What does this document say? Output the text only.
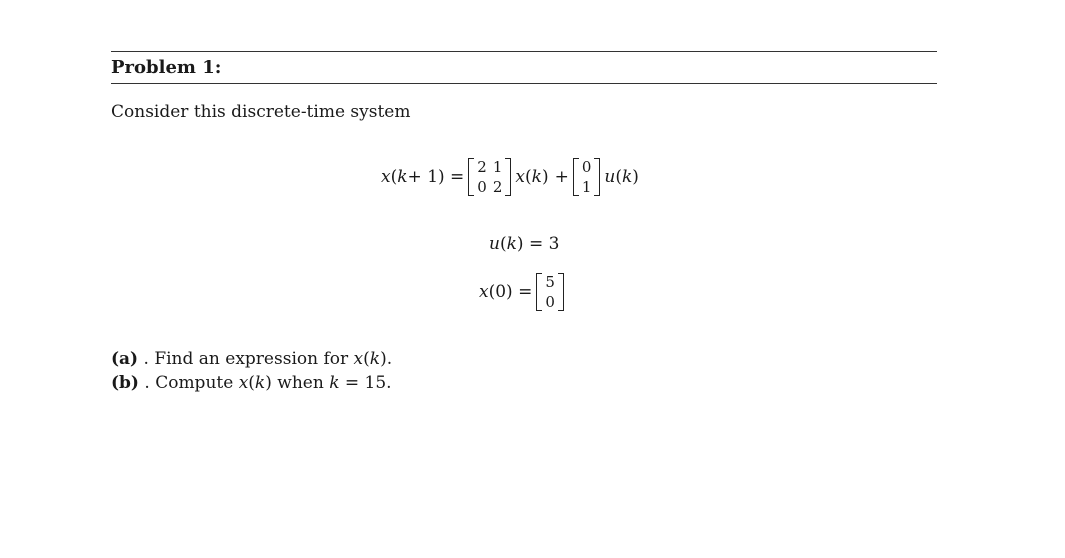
Problem 1:
Consider this discrete-time system
x ( k + 1) = 2	1
0	2 x ( k ) + 0
1 u ( k )
u ( k ) = 3
x (0) = 5
0
(a) . Find an expression for x(k).
(b) . Compute x(k) when k = 15.
